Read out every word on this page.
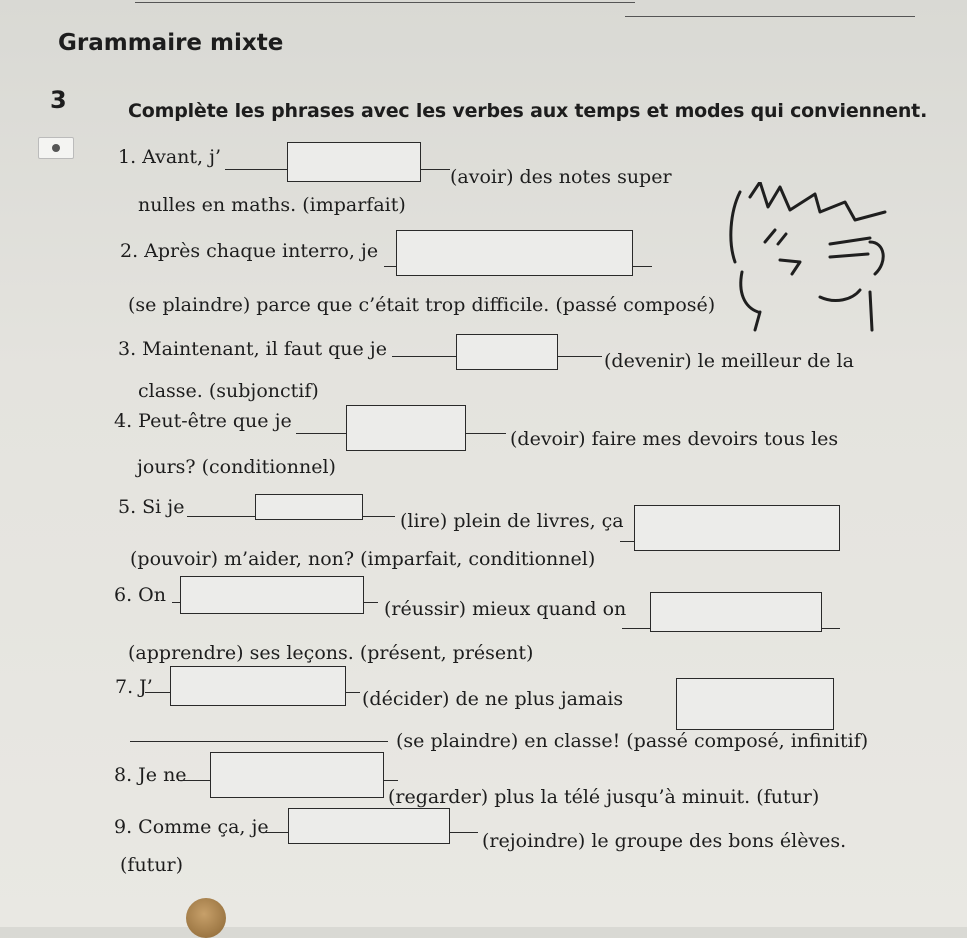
Grammaire mixte
3	Complète les phrases avec les verbes aux temps et modes qui conviennent.
1. Avant, j’
(avoir) des notes super
nulles en maths. (imparfait)
2. Après chaque interro, je
(se plaindre) parce que c’était trop difficile. (passé composé)
3. Maintenant, il faut que je
(devenir) le meilleur de la
classe. (subjonctif)
4. Peut-être que je
(devoir) faire mes devoirs tous les
jours? (conditionnel)
5. Si je
(lire) plein de livres, ça
(pouvoir) m’aider, non? (imparfait, conditionnel)
6. On
(réussir) mieux quand on
(apprendre) ses leçons. (présent, présent)
7. J’
(décider) de ne plus jamais
(se plaindre) en classe! (passé composé, infinitif)
8. Je ne
(regarder) plus la télé jusqu’à minuit. (futur)
9. Comme ça, je
(rejoindre) le groupe des bons élèves.
(futur)
